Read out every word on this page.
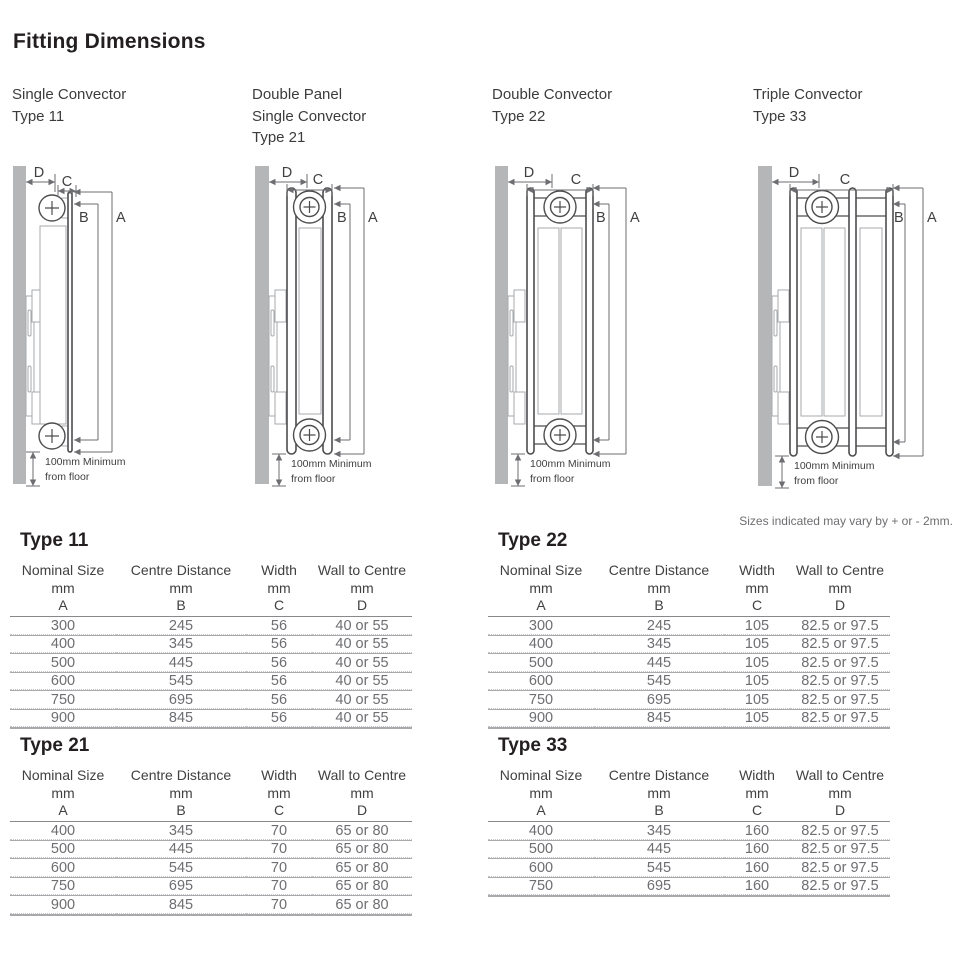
Fitting Dimensions
Single Convector
Type 11
D
C
B A
100mm Minimum
from floor
Double Panel
Single Convector
Type 21
D C
B A
100mm Minimum
from floor
Double Convector
Type 22
D	C
B A
100mm Minimum
from floor
Triple Convector
Type 33
D	C
B A
100mm Minimum
from floor
Sizes indicated may vary by + or - 2mm.
Type 11
Nominal Size	Centre Distance	Width	Wall to Centre
mm	mm	mm	mm
A	B	C	D
300	245	56	40 or 55
400	345	56	40 or 55
500	445	56	40 or 55
600	545	56	40 or 55
750	695	56	40 or 55
900	845	56	40 or 55
Type 22
Nominal Size	Centre Distance	Width	Wall to Centre
mm	mm	mm	mm
A	B	C	D
300	245	105	82.5 or 97.5
400	345	105	82.5 or 97.5
500	445	105	82.5 or 97.5
600	545	105	82.5 or 97.5
750	695	105	82.5 or 97.5
900	845	105	82.5 or 97.5
Type 21
Nominal Size	Centre Distance	Width	Wall to Centre
mm	mm	mm	mm
A	B	C	D
400	345	70	65 or 80
500	445	70	65 or 80
600	545	70	65 or 80
750	695	70	65 or 80
900	845	70	65 or 80
Type 33
Nominal Size	Centre Distance	Width	Wall to Centre
mm	mm	mm	mm
A	B	C	D
400	345	160	82.5 or 97.5
500	445	160	82.5 or 97.5
600	545	160	82.5 or 97.5
750	695	160	82.5 or 97.5
